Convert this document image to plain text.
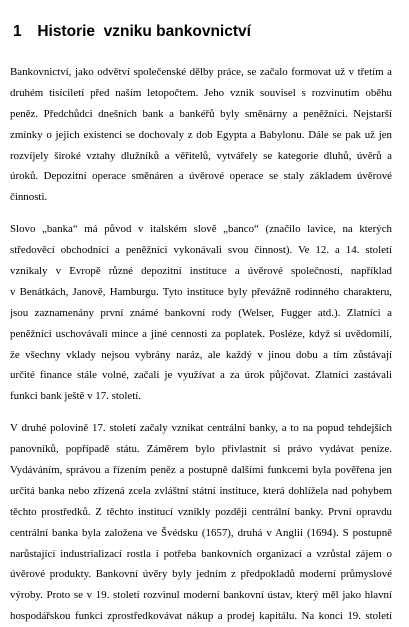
1 Historie  vzniku bankovnictví
Bankovnictví, jako odvětví společenské dělby práce, se začalo formovat už v třetím a
druhém tisíciletí před naším letopočtem. Jeho vznik souvisel s rozvinutím oběhu
peněz. Předchůdci dnešních bank a bankéřů byly směnárny a peněžníci. Nejstarší
zmínky o jejich existenci se dochovaly z dob Egypta a Babylonu. Dále se pak už jen
rozvíjely široké vztahy dlužníků a věřitelů, vytvářely se kategorie dluhů, úvěrů a
úroků. Depozitní operace směnáren a úvěrové operace se staly základem úvěrové
činnosti.
Slovo „banka“ má původ v italském slově „banco“ (značilo lavice, na kterých
středověcí obchodníci a peněžníci vykonávali svou činnost). Ve 12. a 14. století
vznikaly v Evropě různé depozitní instituce a úvěrové společnosti, například
v Benátkách, Janově, Hamburgu. Tyto instituce byly převážně rodinného charakteru,
jsou zaznamenány první známé bankovní rody (Welser, Fugger atd.). Zlatníci a
peněžníci uschovávali mince a jiné cennosti za poplatek. Posléze, když si uvědomili,
že všechny vklady nejsou vybrány naráz, ale každý v jinou dobu a tím zůstávají
určité finance stále volné, začali je využívat a za úrok půjčovat. Zlatníci zastávali
funkci bank ještě v 17. století.
V druhé polovině 17. století začaly vznikat centrální banky, a to na popud tehdejších
panovníků, popřípadě státu. Záměrem bylo přivlastnit si právo vydávat peníze.
Vydáváním, správou a řízením peněz a postupně dalšími funkcemi byla pověřena jen
určitá banka nebo zřízená zcela zvláštní státní instituce, která dohlížela nad pohybem
těchto prostředků. Z těchto institucí vznikly později centrální banky. První opravdu
centrální banka byla založena ve Švédsku (1657), druhá v Anglii (1694). S postupně
narůstající industrializací rostla i potřeba bankovních organizací a vzrůstal zájem o
úvěrové produkty. Bankovní úvěry byly jedním z předpokladů moderní průmyslové
výroby. Proto se v 19. století rozvinul moderní bankovní ústav, který měl jako hlavní
hospodářskou funkci zprostředkovávat nákup a prodej kapitálu. Na konci 19. století
